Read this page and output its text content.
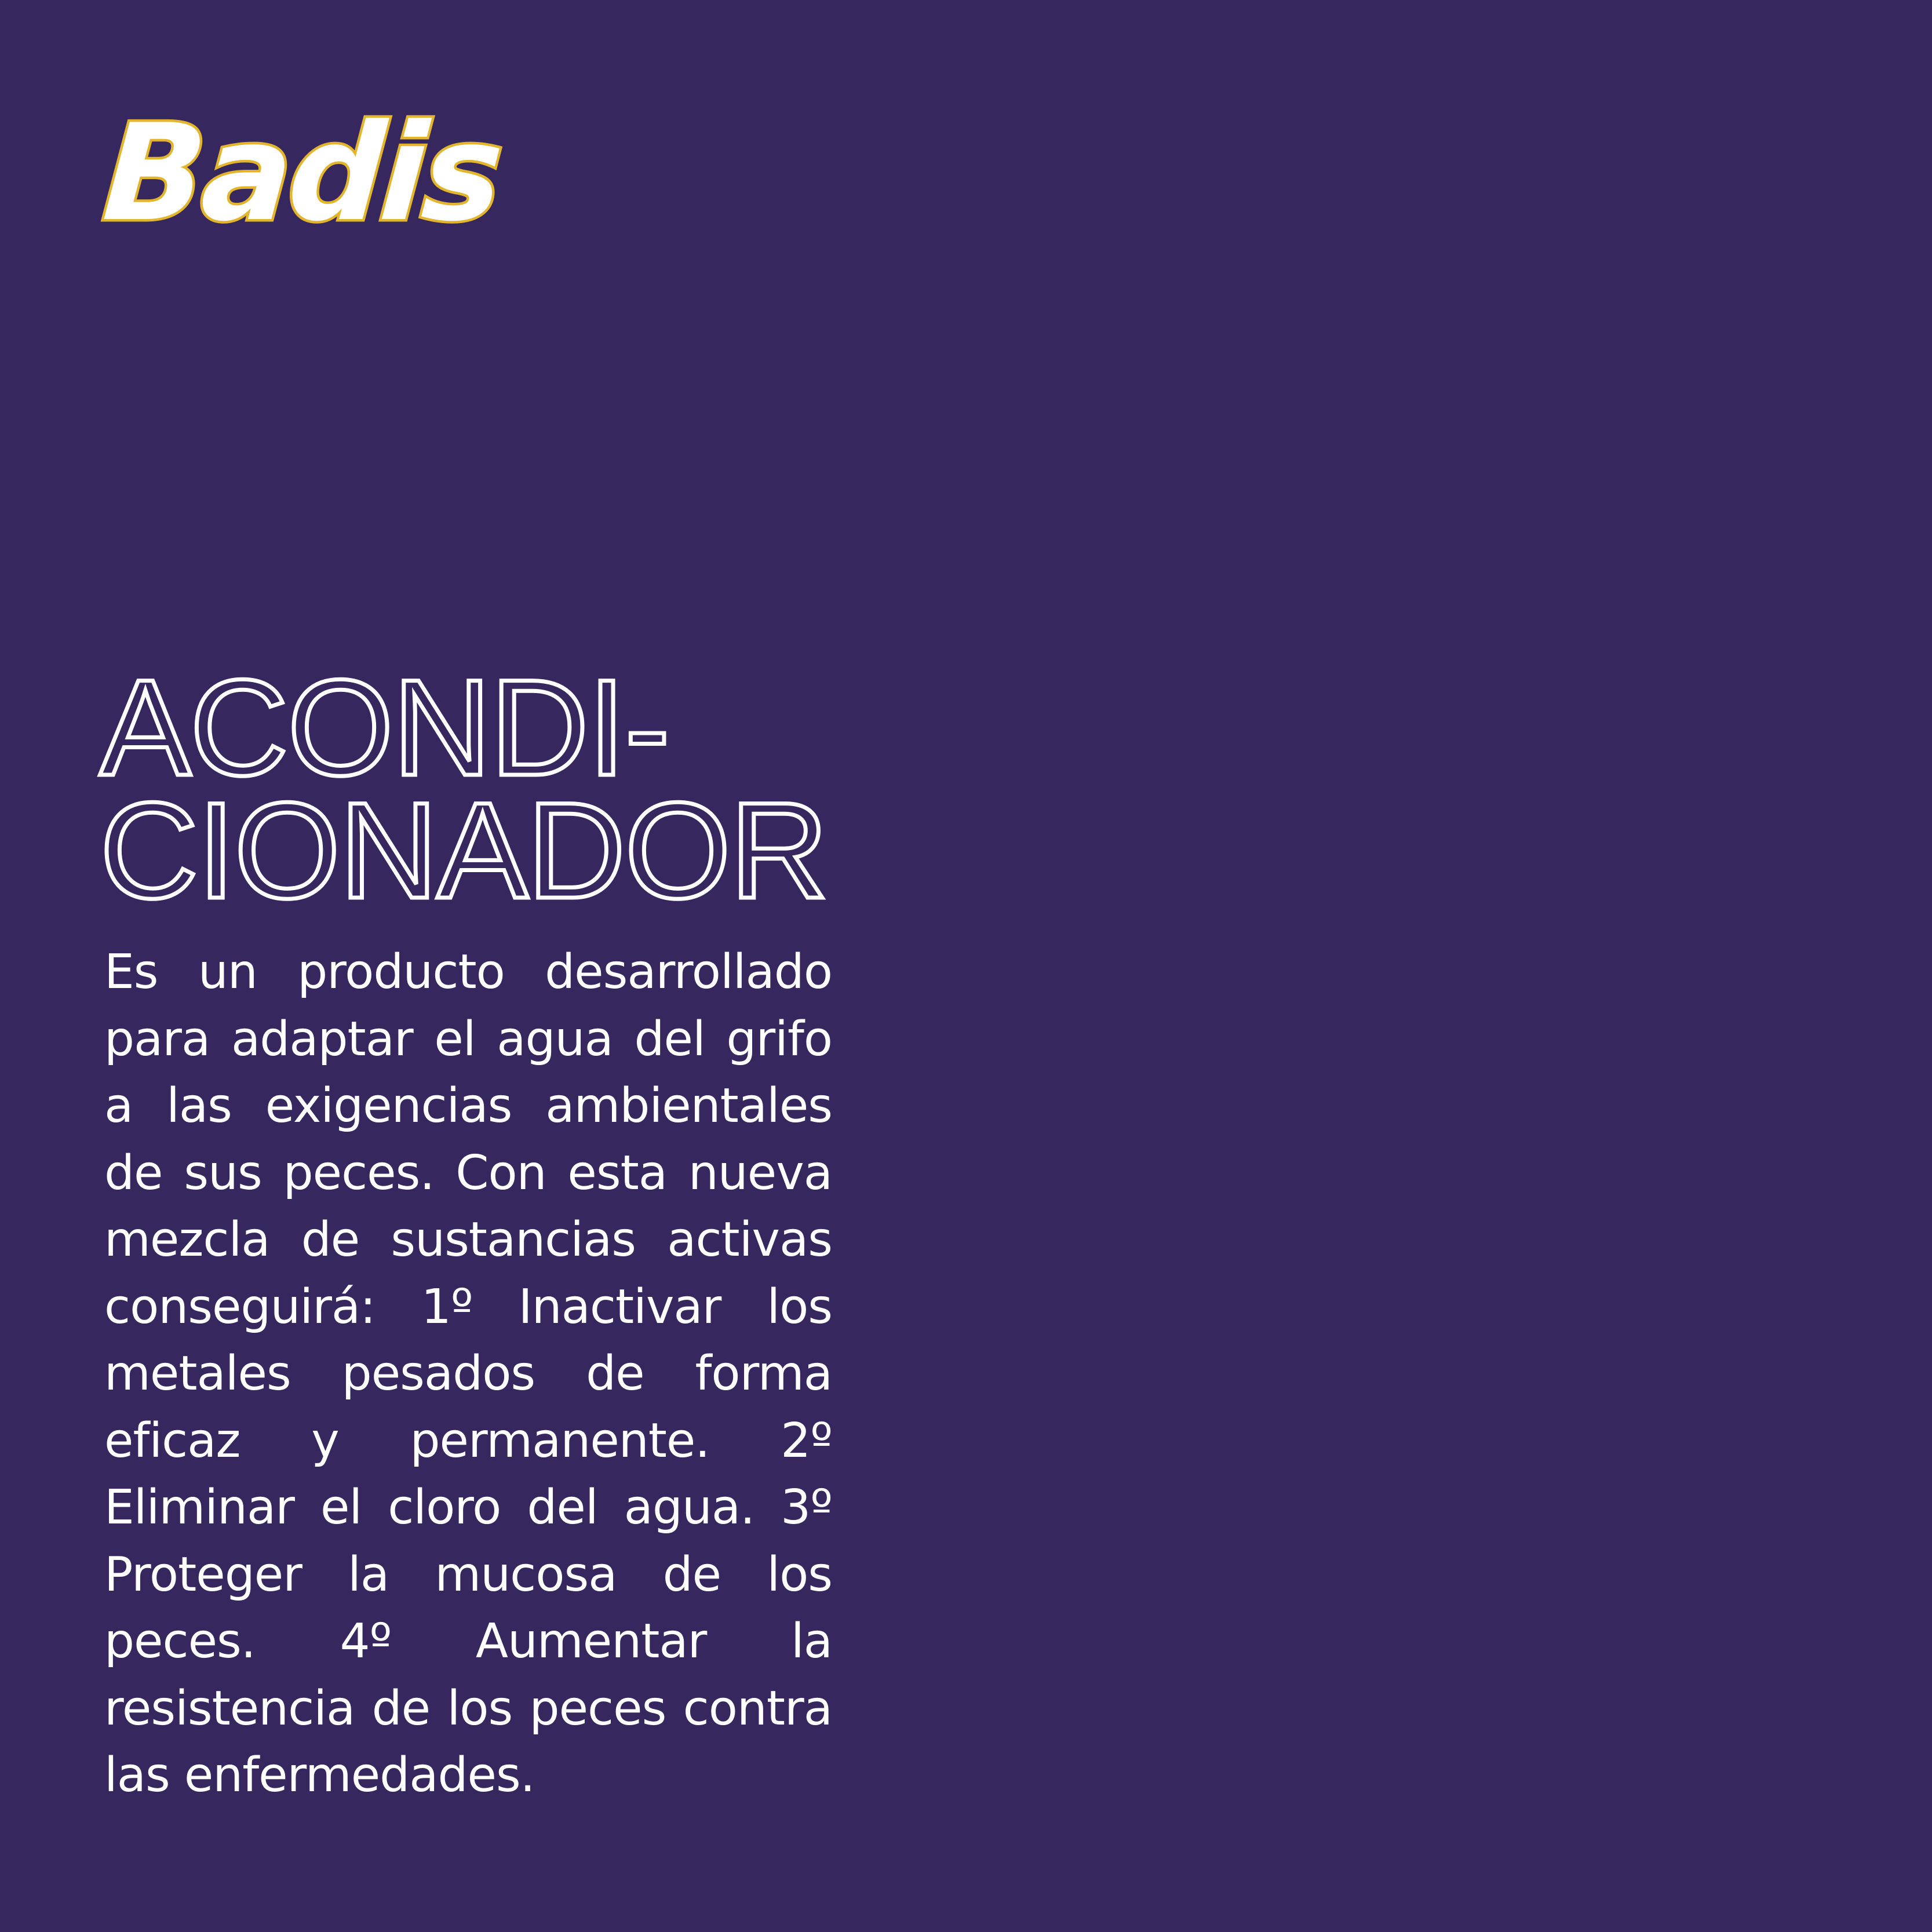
Badis
ACONDI-
CIONADOR

Es un producto desarrollado para adaptar el agua del grifo a las exigencias ambientales de sus peces. Con esta nueva mezcla de sustancias activas conseguirá: 1º Inactivar los metales pesados de forma eficaz y permanente. 2º Eliminar el cloro del agua. 3º Proteger la mucosa de los peces. 4º Aumentar la resistencia de los peces contra las enfermedades.
